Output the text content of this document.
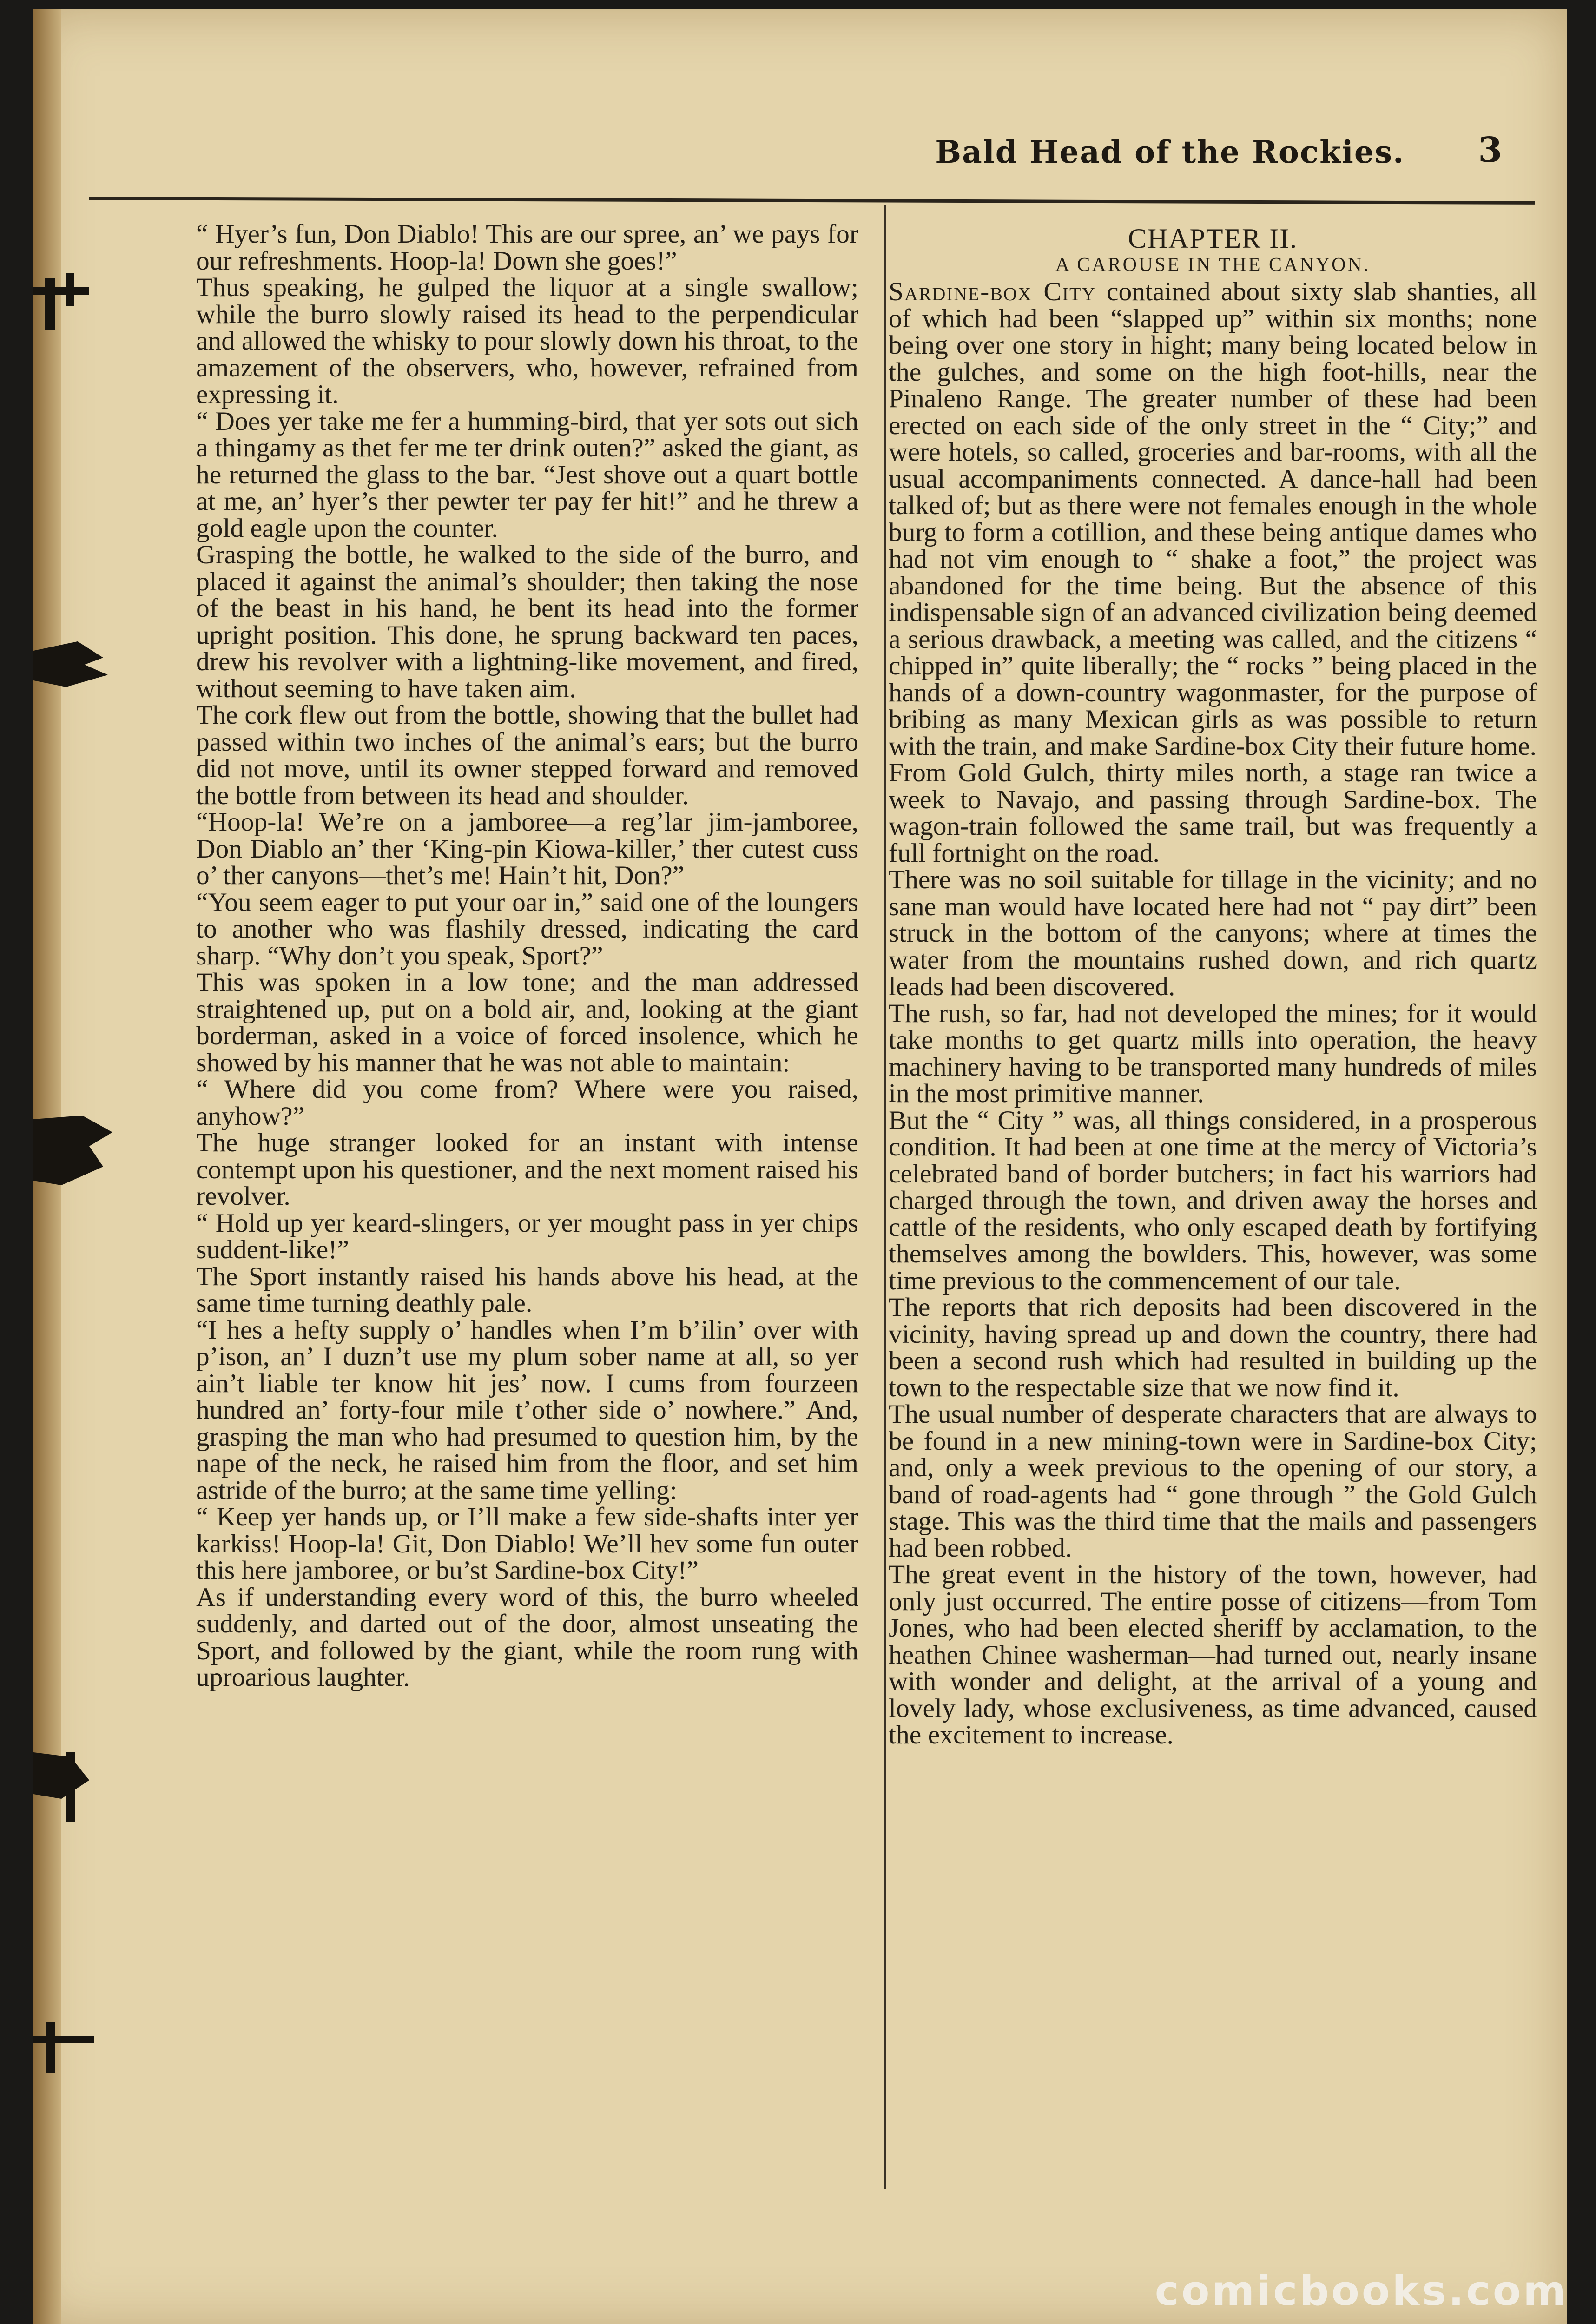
Bald Head of the Rockies. 3

“ Hyer’s fun, Don Diablo! This are our spree, an’ we pays for our refreshments. Hoop-la! Down she goes!”

Thus speaking, he gulped the liquor at a single swallow; while the burro slowly raised its head to the perpendicular and allowed the whisky to pour slowly down his throat, to the amazement of the observers, who, however, refrained from expressing it.

“ Does yer take me fer a humming-bird, that yer sots out sich a thingamy as thet fer me ter drink outen?” asked the giant, as he returned the glass to the bar. “Jest shove out a quart bottle at me, an’ hyer’s ther pewter ter pay fer hit!” and he threw a gold eagle upon the counter.

Grasping the bottle, he walked to the side of the burro, and placed it against the animal’s shoulder; then taking the nose of the beast in his hand, he bent its head into the former upright position. This done, he sprung backward ten paces, drew his revolver with a lightning-like movement, and fired, without seeming to have taken aim.

The cork flew out from the bottle, showing that the bullet had passed within two inches of the animal’s ears; but the burro did not move, until its owner stepped forward and removed the bottle from between its head and shoulder.

“Hoop-la! We’re on a jamboree—a reg’lar jim-jamboree, Don Diablo an’ ther ‘King-pin Kiowa-killer,’ ther cutest cuss o’ ther canyons—thet’s me! Hain’t hit, Don?”

“You seem eager to put your oar in,” said one of the loungers to another who was flashily dressed, indicating the card sharp. “Why don’t you speak, Sport?”

This was spoken in a low tone; and the man addressed straightened up, put on a bold air, and, looking at the giant borderman, asked in a voice of forced insolence, which he showed by his manner that he was not able to maintain:

“ Where did you come from? Where were you raised, anyhow?”

The huge stranger looked for an instant with intense contempt upon his questioner, and the next moment raised his revolver.

“ Hold up yer keard-slingers, or yer mought pass in yer chips suddent-like!”

The Sport instantly raised his hands above his head, at the same time turning deathly pale.

“I hes a hefty supply o’ handles when I’m b’ilin’ over with p’ison, an’ I duzn’t use my plum sober name at all, so yer ain’t liable ter know hit jes’ now. I cums from fourzeen hundred an’ forty-four mile t’other side o’ nowhere.” And, grasping the man who had presumed to question him, by the nape of the neck, he raised him from the floor, and set him astride of the burro; at the same time yelling:

“ Keep yer hands up, or I’ll make a few side-shafts inter yer karkiss! Hoop-la! Git, Don Diablo! We’ll hev some fun outer this here jamboree, or bu’st Sardine-box City!”

As if understanding every word of this, the burro wheeled suddenly, and darted out of the door, almost unseating the Sport, and followed by the giant, while the room rung with uproarious laughter.

CHAPTER II.
A CAROUSE IN THE CANYON.

Sardine-box City contained about sixty slab shanties, all of which had been “slapped up” within six months; none being over one story in hight; many being located below in the gulches, and some on the high foot-hills, near the Pinaleno Range. The greater number of these had been erected on each side of the only street in the “ City;” and were hotels, so called, groceries and bar-rooms, with all the usual accompaniments connected. A dance-hall had been talked of; but as there were not females enough in the whole burg to form a cotillion, and these being antique dames who had not vim enough to “ shake a foot,” the project was abandoned for the time being. But the absence of this indispensable sign of an advanced civilization being deemed a serious drawback, a meeting was called, and the citizens “ chipped in” quite liberally; the “ rocks ” being placed in the hands of a down-country wagonmaster, for the purpose of bribing as many Mexican girls as was possible to return with the train, and make Sardine-box City their future home.

From Gold Gulch, thirty miles north, a stage ran twice a week to Navajo, and passing through Sardine-box. The wagon-train followed the same trail, but was frequently a full fortnight on the road.

There was no soil suitable for tillage in the vicinity; and no sane man would have located here had not “ pay dirt” been struck in the bottom of the canyons; where at times the water from the mountains rushed down, and rich quartz leads had been discovered.

The rush, so far, had not developed the mines; for it would take months to get quartz mills into operation, the heavy machinery having to be transported many hundreds of miles in the most primitive manner.

But the “ City ” was, all things considered, in a prosperous condition. It had been at one time at the mercy of Victoria’s celebrated band of border butchers; in fact his warriors had charged through the town, and driven away the horses and cattle of the residents, who only escaped death by fortifying themselves among the bowlders. This, however, was some time previous to the commencement of our tale.

The reports that rich deposits had been discovered in the vicinity, having spread up and down the country, there had been a second rush which had resulted in building up the town to the respectable size that we now find it.

The usual number of desperate characters that are always to be found in a new mining-town were in Sardine-box City; and, only a week previous to the opening of our story, a band of road-agents had “ gone through ” the Gold Gulch stage. This was the third time that the mails and passengers had been robbed.

The great event in the history of the town, however, had only just occurred. The entire posse of citizens—from Tom Jones, who had been elected sheriff by acclamation, to the heathen Chinee washerman—had turned out, nearly insane with wonder and delight, at the arrival of a young and lovely lady, whose exclusiveness, as time advanced, caused the excitement to increase.

comicbooks.com
